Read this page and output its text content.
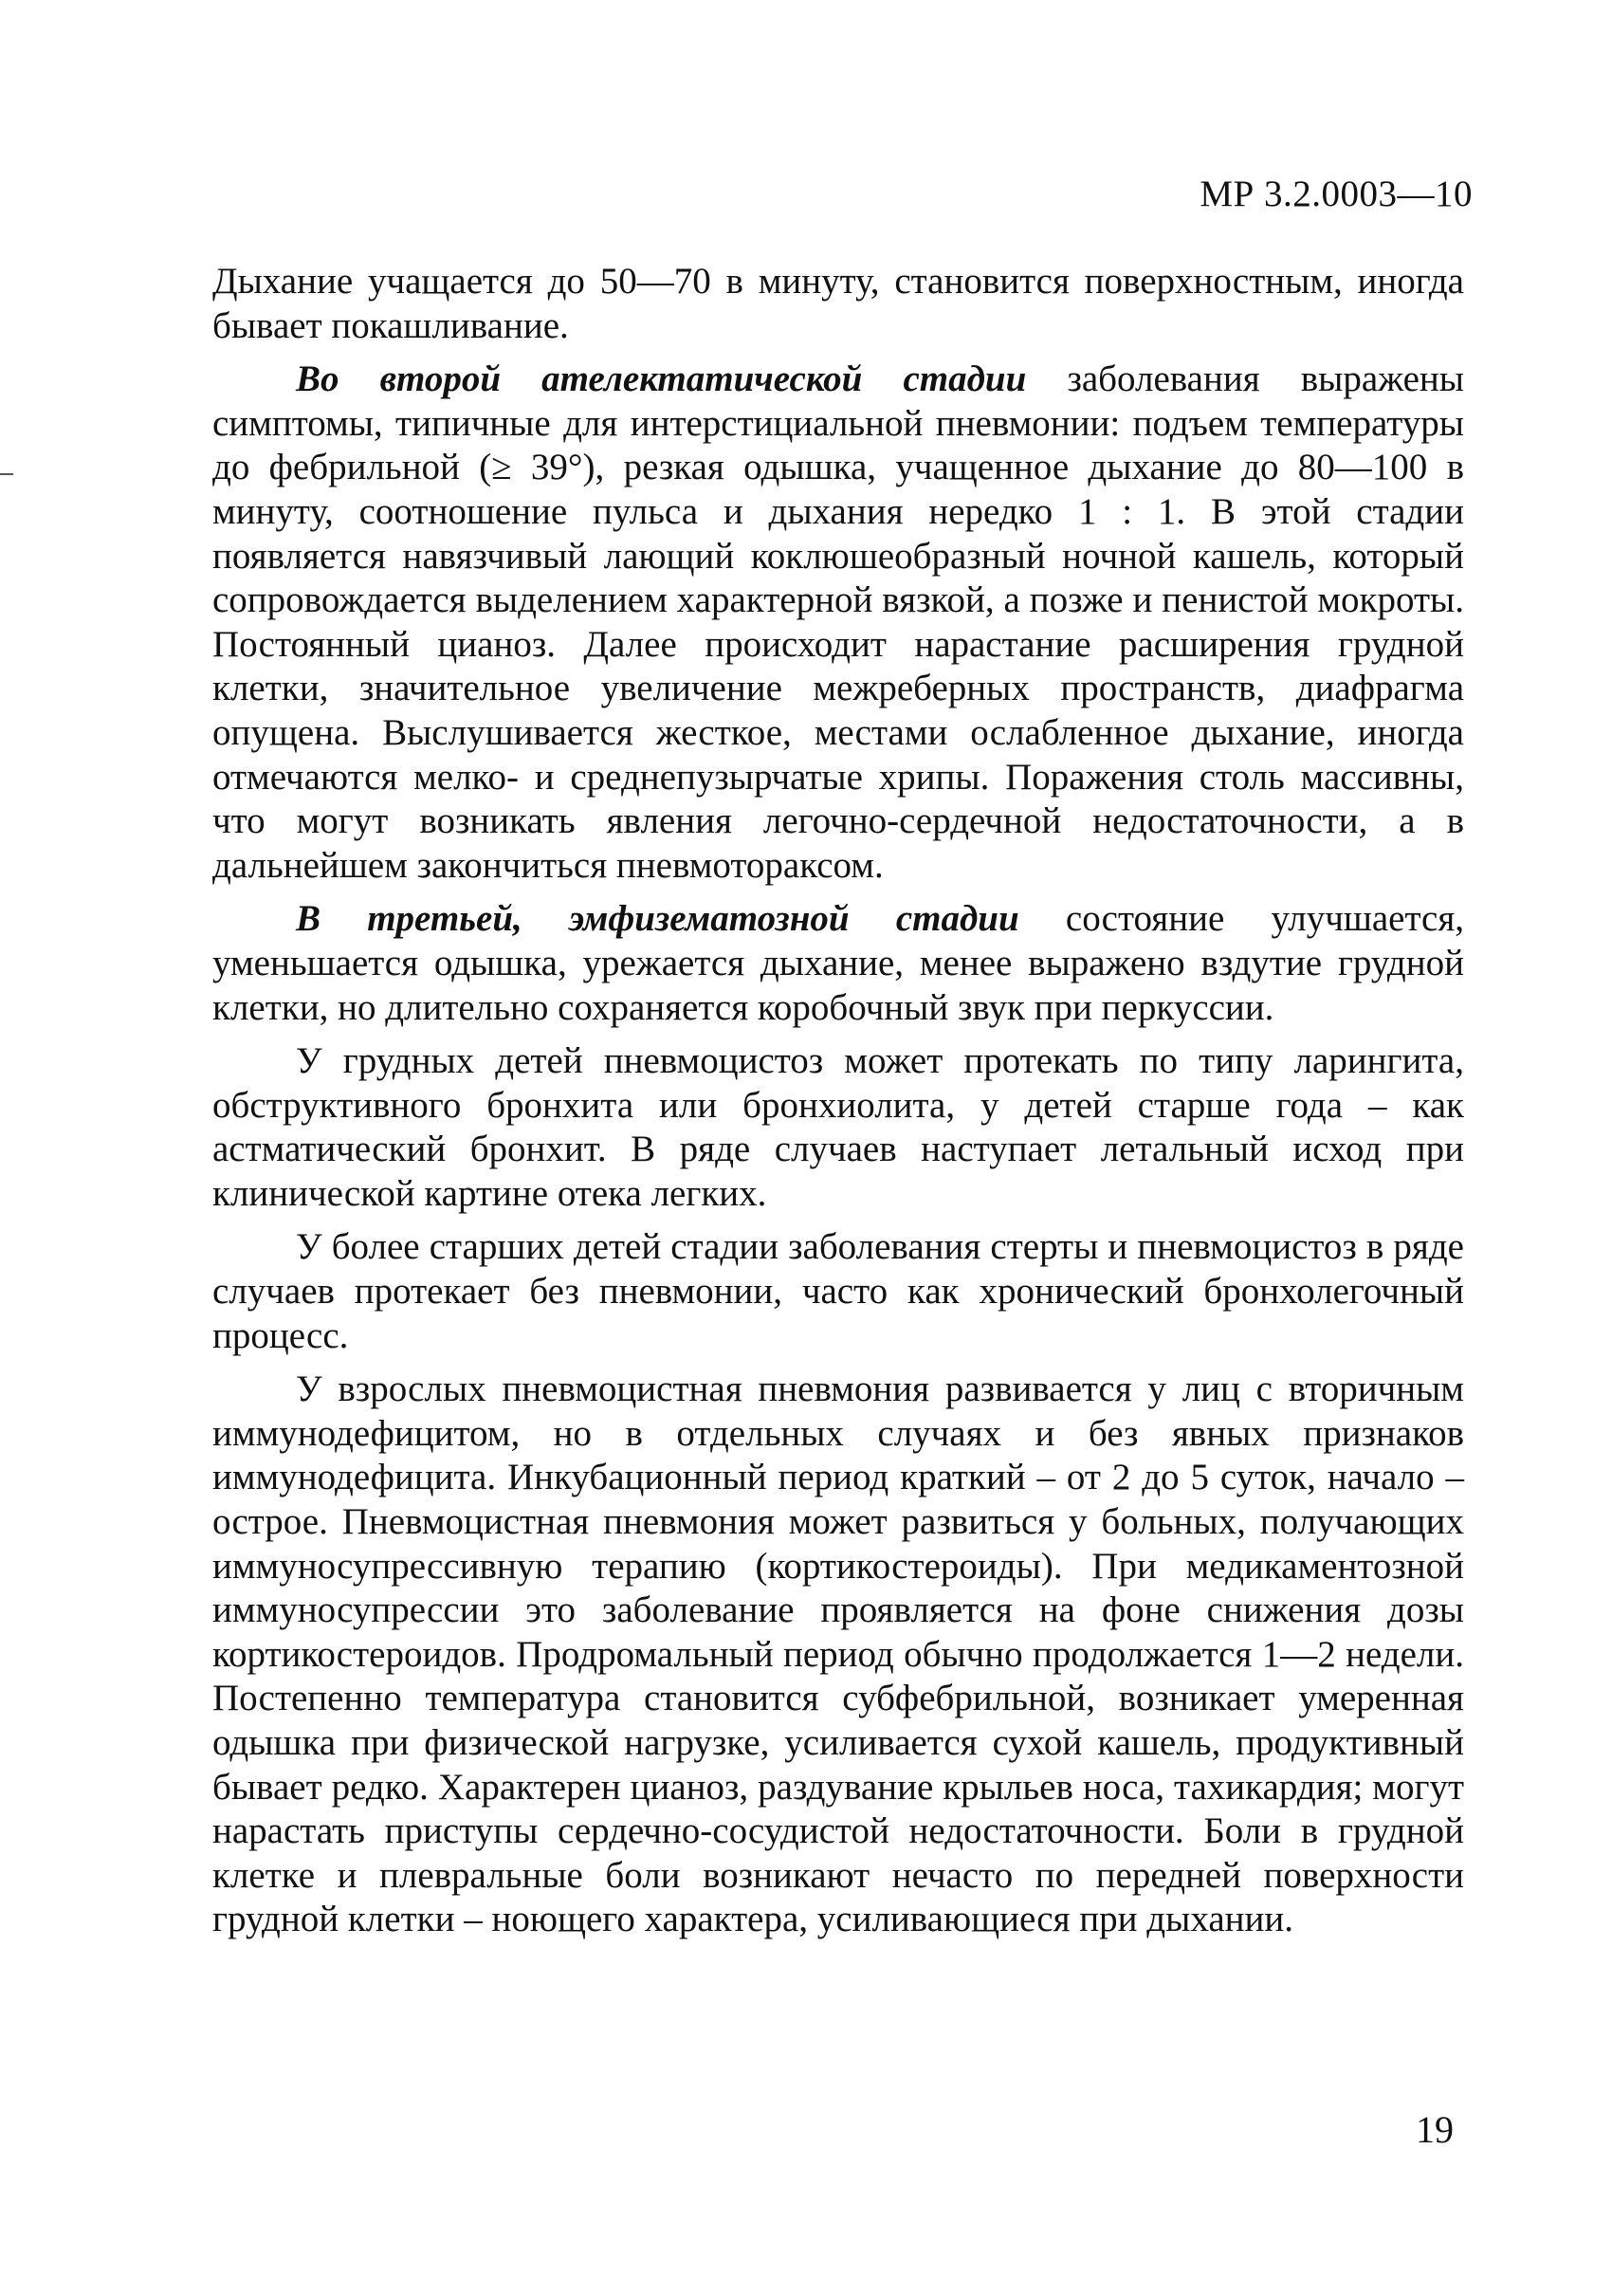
МР 3.2.0003—10

Дыхание учащается до 50—70 в минуту, становится поверхностным, иногда бывает покашливание.

Во второй ателектатической стадии заболевания выражены симптомы, типичные для интерстициальной пневмонии: подъем температуры до фебрильной (≥ 39°), резкая одышка, учащенное дыхание до 80—100 в минуту, соотношение пульса и дыхания нередко 1 : 1. В этой стадии появляется навязчивый лающий коклюшеобразный ночной кашель, который сопровождается выделением характерной вязкой, а позже и пенистой мокроты. Постоянный цианоз. Далее происходит нарастание расширения грудной клетки, значительное увеличение межреберных пространств, диафрагма опущена. Выслушивается жесткое, местами ослабленное дыхание, иногда отмечаются мелко- и среднепузырчатые хрипы. Поражения столь массивны, что могут возникать явления легочно-сердечной недостаточности, а в дальнейшем закончиться пневмотораксом.

В третьей, эмфизематозной стадии состояние улучшается, уменьшается одышка, урежается дыхание, менее выражено вздутие грудной клетки, но длительно сохраняется коробочный звук при перкуссии.

У грудных детей пневмоцистоз может протекать по типу ларингита, обструктивного бронхита или бронхиолита, у детей старше года – как астматический бронхит. В ряде случаев наступает летальный исход при клинической картине отека легких.

У более старших детей стадии заболевания стерты и пневмоцистоз в ряде случаев протекает без пневмонии, часто как хронический бронхолегочный процесс.

У взрослых пневмоцистная пневмония развивается у лиц с вторичным иммунодефицитом, но в отдельных случаях и без явных признаков иммунодефицита. Инкубационный период краткий – от 2 до 5 суток, начало – острое. Пневмоцистная пневмония может развиться у больных, получающих иммуносупрессивную терапию (кортикостероиды). При медикаментозной иммуносупрессии это заболевание проявляется на фоне снижения дозы кортикостероидов. Продромальный период обычно продолжается 1—2 недели. Постепенно температура становится субфебрильной, возникает умеренная одышка при физической нагрузке, усиливается сухой кашель, продуктивный бывает редко. Характерен цианоз, раздувание крыльев носа, тахикардия; могут нарастать приступы сердечно-сосудистой недостаточности. Боли в грудной клетке и плевральные боли возникают нечасто по передней поверхности грудной клетки – ноющего характера, усиливающиеся при дыхании.

19
